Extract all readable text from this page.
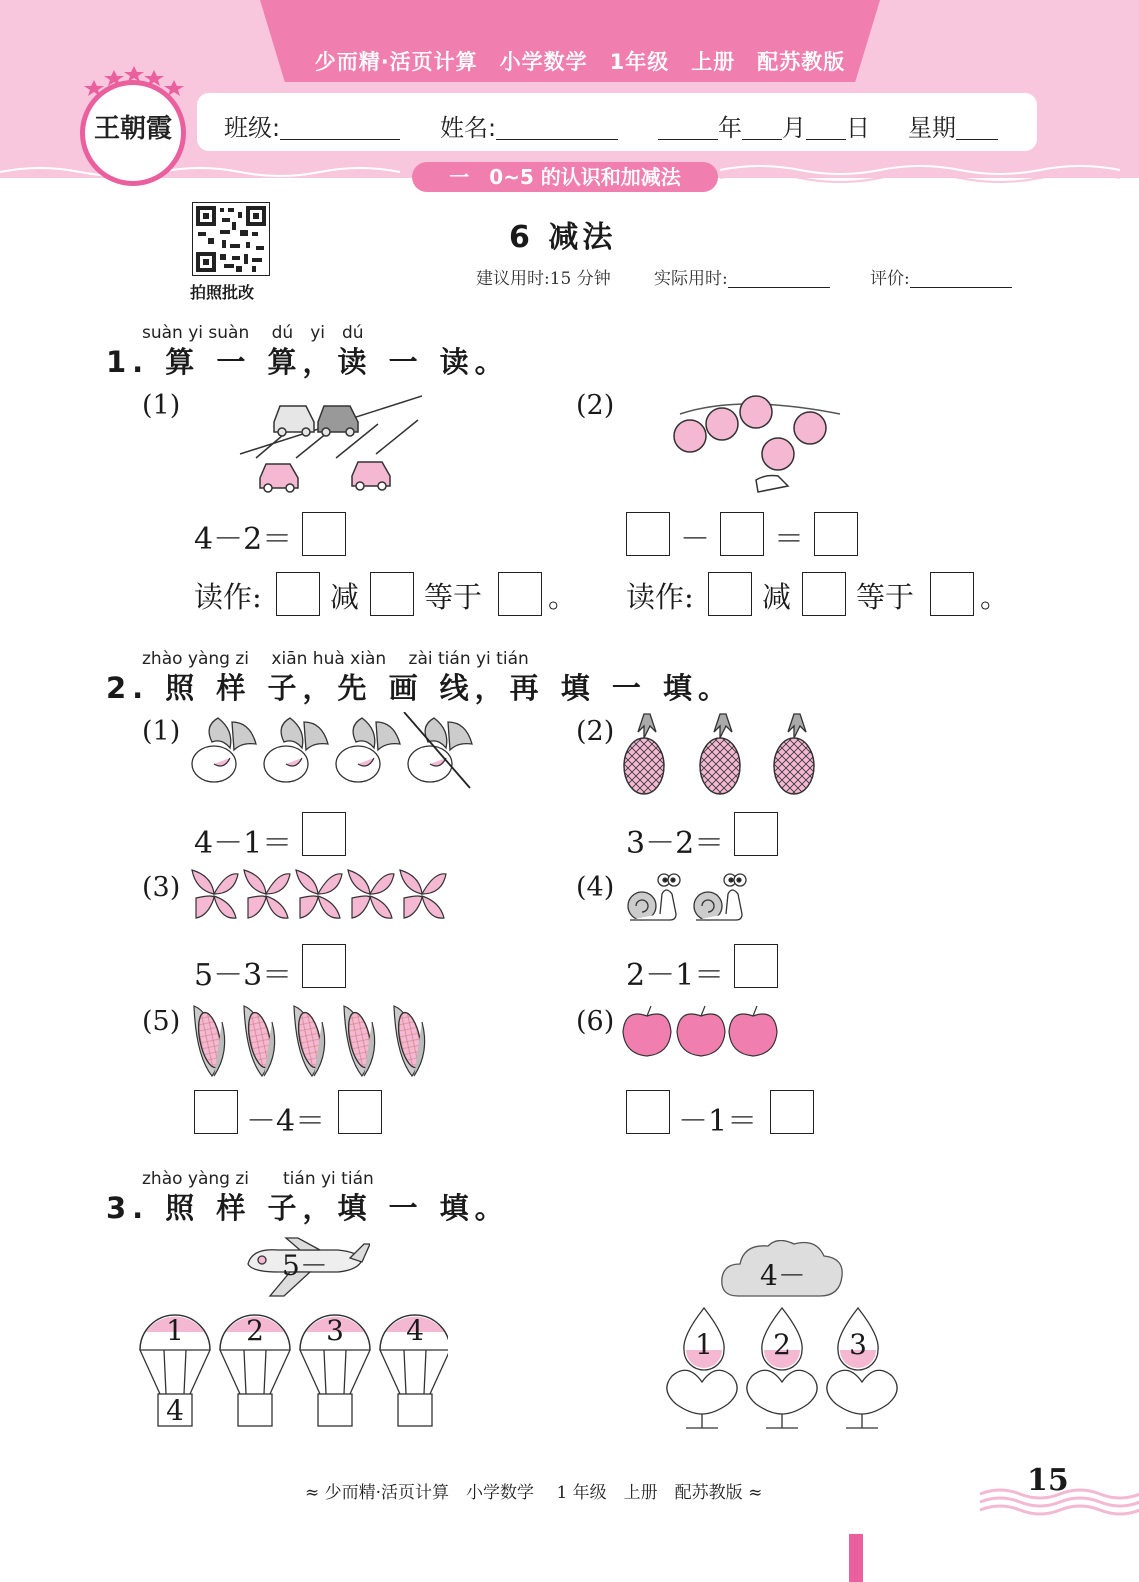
少而精·活页计算　小学数学　1年级　上册　配苏教版
班级:	姓名:	年 月 日 星期
一　0~5 的认识和加减法
王朝霞
拍照批改
6 减法
建议用时:15 分钟	实际用时:	评价:
suàn yi suàn　 dú　yi　dú
1. 算 一 算，读 一 读。
(1)
4－2＝
读作: 减 等于 。
(2)
－ ＝
读作: 减 等于 。
zhào yàng zi　 xiān huà xiàn　 zài tián yi tián
2. 照 样 子，先 画 线，再 填 一 填。
(1)
4－1＝
(2)
3－2＝
(3)
5－3＝
(4)
2－1＝
(5)
－4＝
(6)
－1＝
zhào yàng zi　　tián yi tián
3. 照 样 子，填 一 填。
5－
1 2 3 4
4
4－
1 2 3
≈ 少而精·活页计算　小学数学　 1 年级　上册　配苏教版 ≈	15
